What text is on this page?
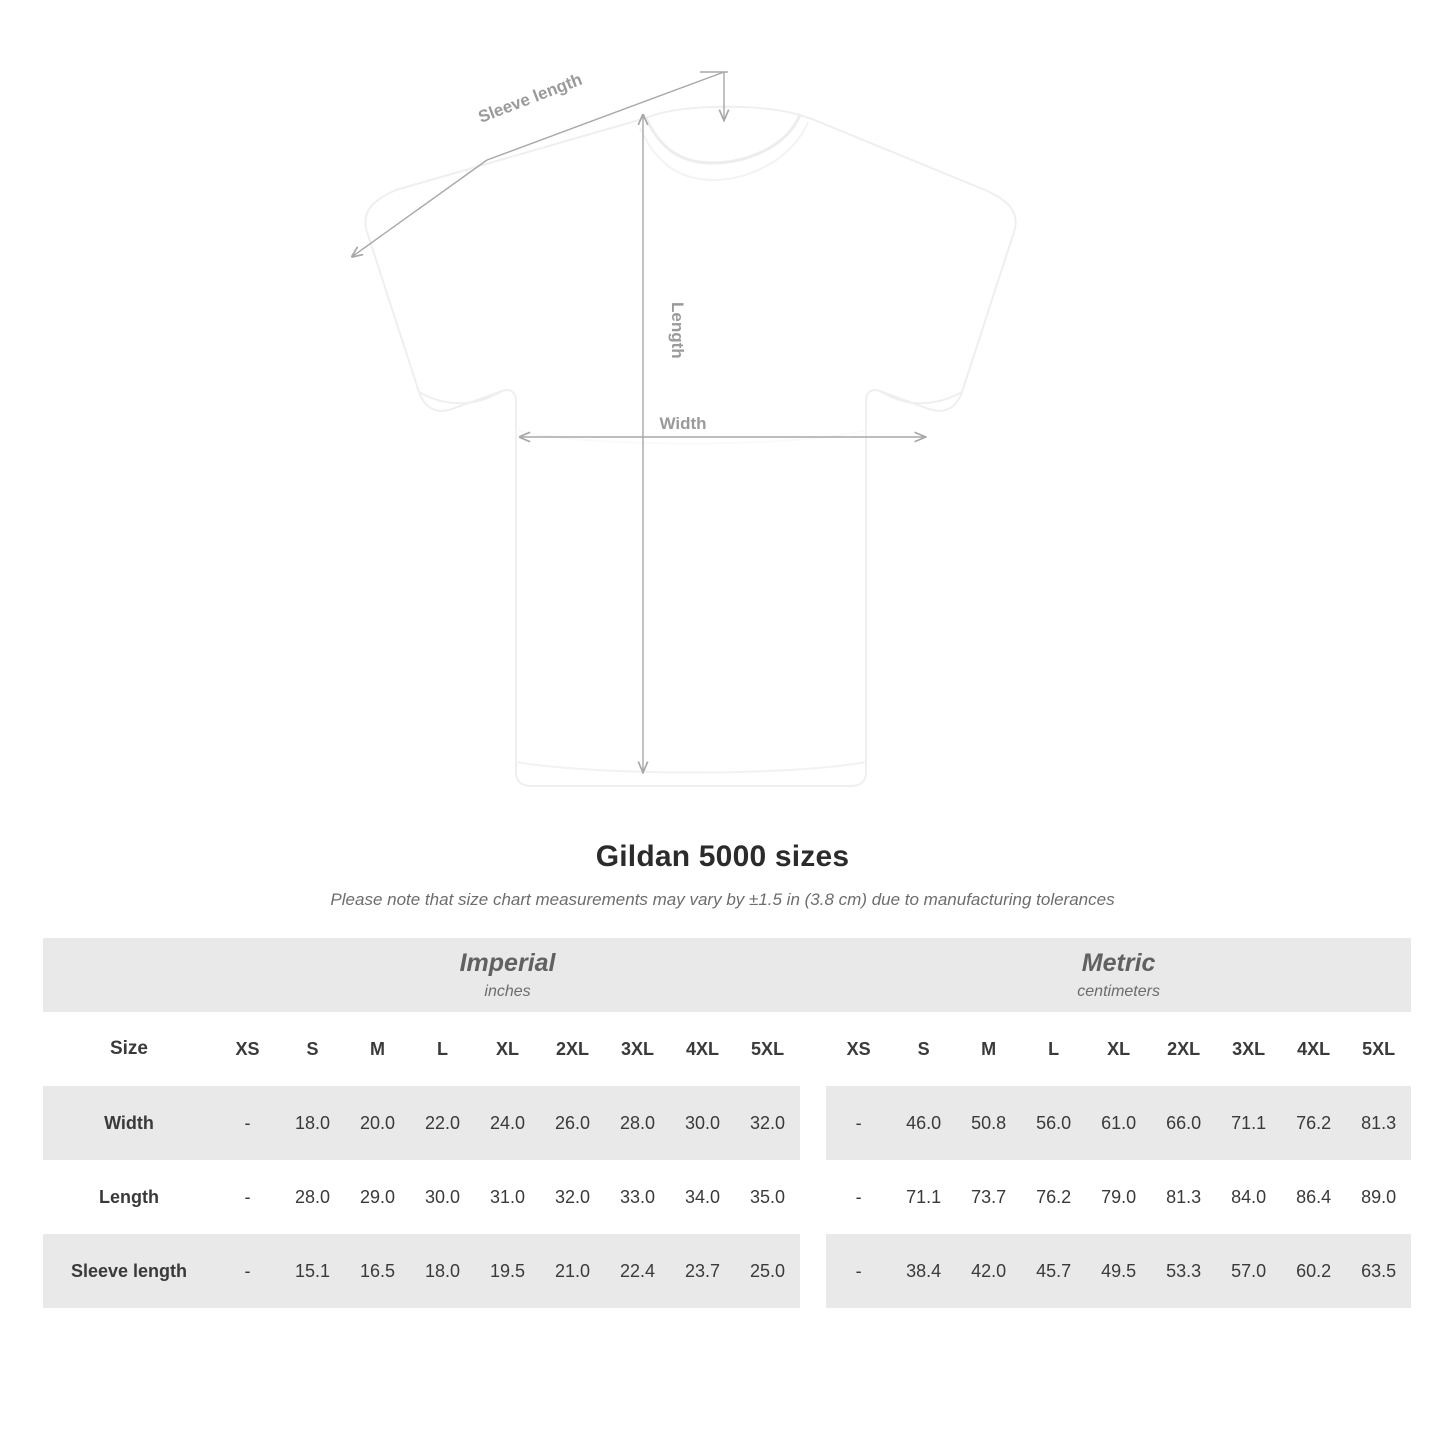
Sleeve length
Length
Width
Gildan 5000 sizes
Please note that size chart measurements may vary by ±1.5 in (3.8 cm) due to manufacturing tolerances

	Imperial
inches										Metric
centimeters								

Size	XS	S	M	L	XL	2XL	3XL	4XL	5XL		XS	S	M	L	XL	2XL	3XL	4XL	5XL
Width	-	18.0	20.0	22.0	24.0	26.0	28.0	30.0	32.0		-	46.0	50.8	56.0	61.0	66.0	71.1	76.2	81.3
Length	-	28.0	29.0	30.0	31.0	32.0	33.0	34.0	35.0		-	71.1	73.7	76.2	79.0	81.3	84.0	86.4	89.0
Sleeve length	-	15.1	16.5	18.0	19.5	21.0	22.4	23.7	25.0		-	38.4	42.0	45.7	49.5	53.3	57.0	60.2	63.5
